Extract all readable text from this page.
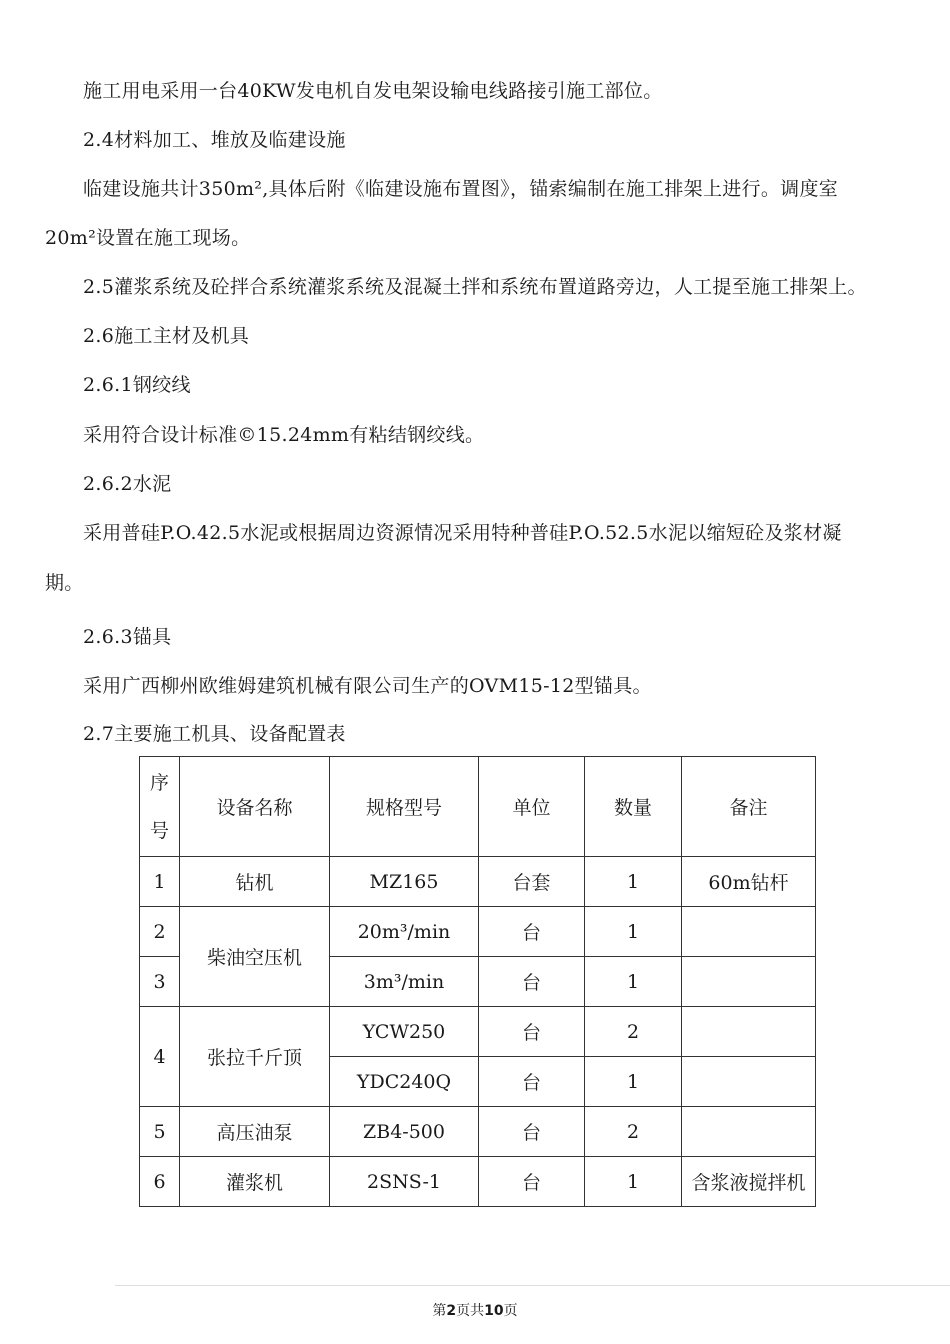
施工用电采用一台40KW发电机自发电架设输电线路接引施工部位。
2.4材料加工、堆放及临建设施
临建设施共计350m²,具体后附《临建设施布置图》，锚索编制在施工排架上进行。调度室
20m²设置在施工现场。
2.5灌浆系统及砼拌合系统灌浆系统及混凝土拌和系统布置道路旁边，人工提至施工排架上。
2.6施工主材及机具
2.6.1钢绞线
采用符合设计标准©15.24mm有粘结钢绞线。
2.6.2水泥
采用普硅P.O.42.5水泥或根据周边资源情况采用特种普硅P.O.52.5水泥以缩短砼及浆材凝
期。
2.6.3锚具
采用广西柳州欧维姆建筑机械有限公司生产的OVM15-12型锚具。
2.7主要施工机具、设备配置表
序
号	设备名称	规格型号	单位	数量	备注
1	钻机	MZ165	台套	1	60m钻杆
2	柴油空压机	20m³/min	台	1	
3		3m³/min	台	1	
4	张拉千斤顶	YCW250	台	2	
		YDC240Q	台	1	
5	高压油泵	ZB4-500	台	2	
6	灌浆机	2SNS-1	台	1	含浆液搅拌机
第2页共10页
